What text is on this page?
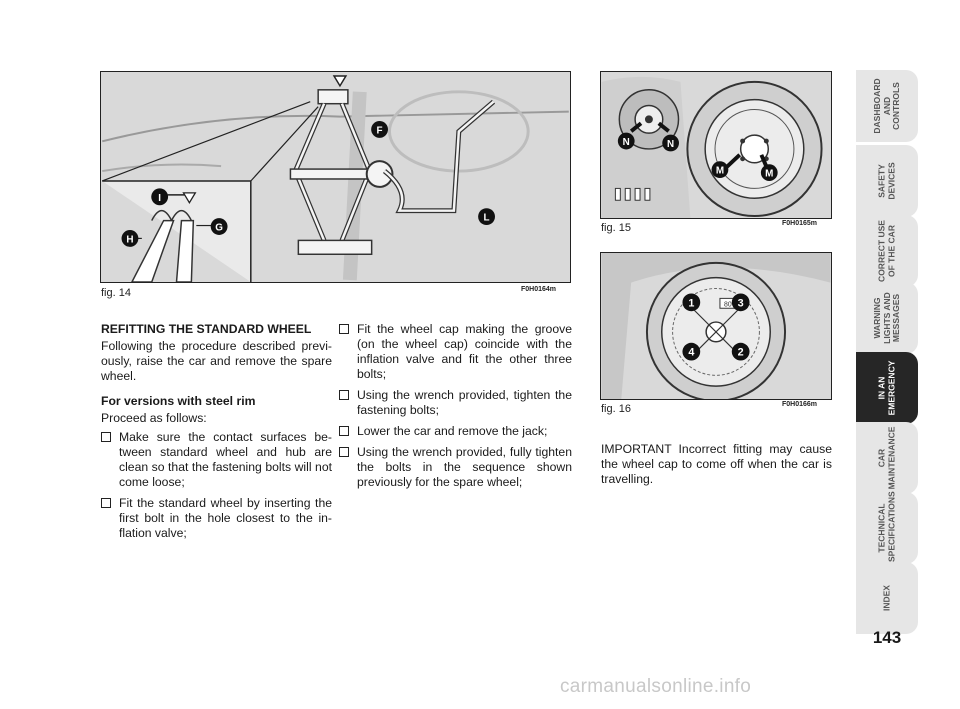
F
L
I
G
H
fig. 14	F0H0164m
N	N
M	M
fig. 15	F0H0165m
80
1	3
4	2
fig. 16	F0H0166m

REFITTING THE STANDARD WHEEL

Following the procedure described previ-ously, raise the car and remove the spare wheel.

For versions with steel rim

Proceed as follows:

Make sure the contact surfaces be-tween standard wheel and hub are clean so that the fastening bolts will not come loose;
Fit the standard wheel by inserting the first bolt in the hole closest to the in-flation valve;
Fit the wheel cap making the groove (on the wheel cap) coincide with the inflation valve and fit the other three bolts;
Using the wrench provided, tighten the fastening bolts;
Lower the car and remove the jack;
Using the wrench provided, fully tighten the bolts in the sequence shown previously for the spare wheel;

IMPORTANT Incorrect fitting may cause the wheel cap to come off when the car is travelling.

DASHBOARD AND CONTROLS
SAFETY DEVICES
CORRECT USE OF THE CAR
WARNING LIGHTS AND MESSAGES
IN AN EMERGENCY
CAR MAINTENANCE
TECHNICAL SPECIFICATIONS
INDEX
143
carmanualsonline.info
